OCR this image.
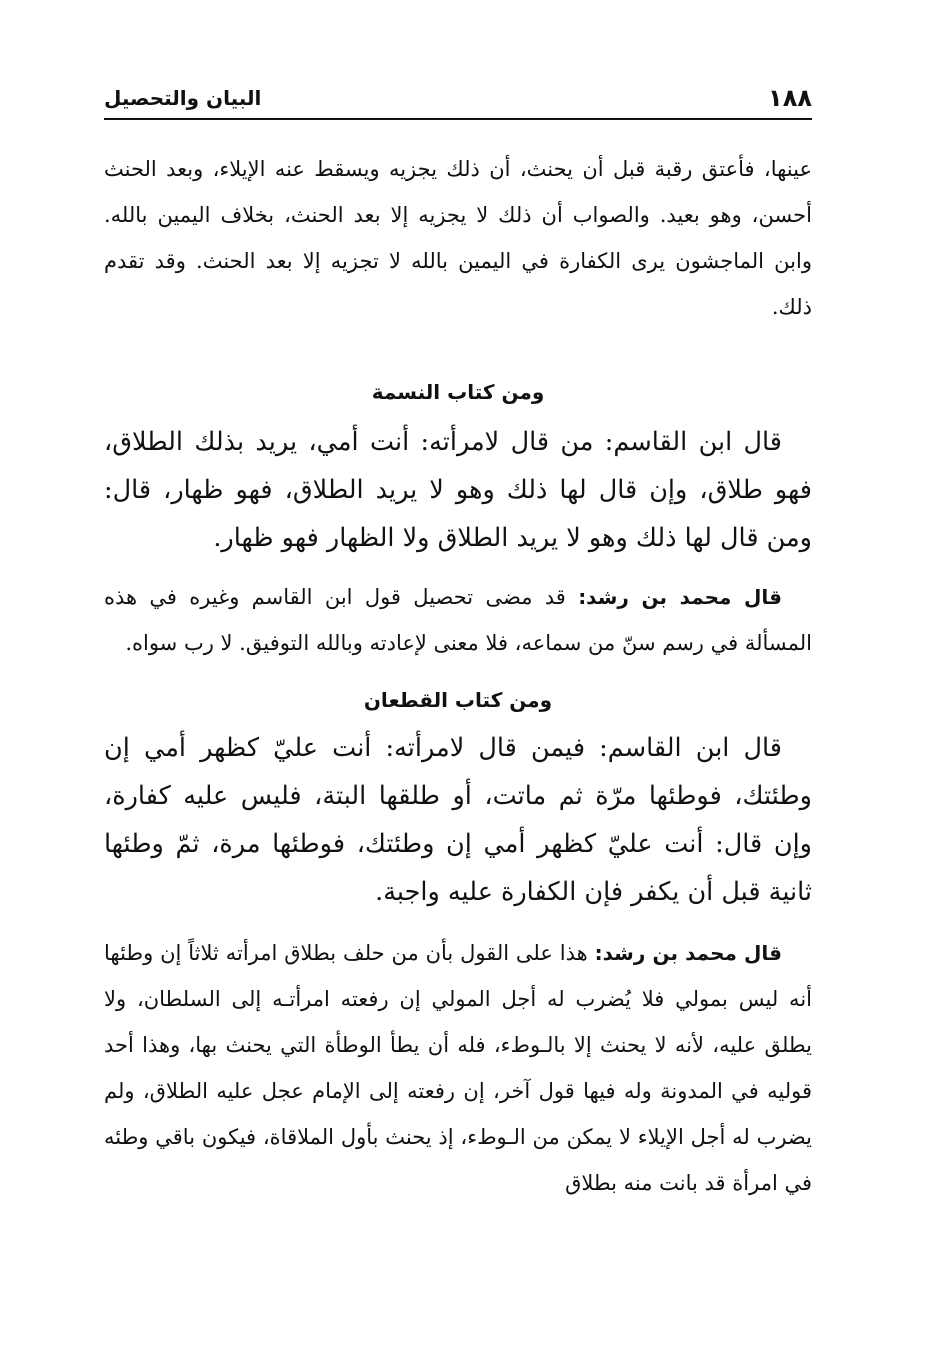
١٨٨
البيان والتحصيل

عينها، فأعتق رقبة قبل أن يحنث، أن ذلك يجزيه ويسقط عنه الإيلاء، وبعد الحنث أحسن، وهو بعيد. والصواب أن ذلك لا يجزيه إلا بعد الحنث، بخلاف اليمين بالله. وابن الماجشون يرى الكفارة في اليمين بالله لا تجزيه إلا بعد الحنث. وقد تقدم ذلك.

ومن كتاب النسمة

قال ابن القاسم: من قال لامرأته: أنت أمي، يريد بذلك الطلاق، فهو طلاق، وإن قال لها ذلك وهو لا يريد الطلاق، فهو ظهار، قال: ومن قال لها ذلك وهو لا يريد الطلاق ولا الظهار فهو ظهار.

قال محمد بن رشد: قد مضى تحصيل قول ابن القاسم وغيره في هذه المسألة في رسم سنّ من سماعه، فلا معنى لإعادته وبالله التوفيق. لا رب سواه.

ومن كتاب القطعان

قال ابن القاسم: فيمن قال لامرأته: أنت عليّ كظهر أمي إن وطئتك، فوطئها مرّة ثم ماتت، أو طلقها البتة، فليس عليه كفارة، وإن قال: أنت عليّ كظهر أمي إن وطئتك، فوطئها مرة، ثمّ وطئها ثانية قبل أن يكفر فإن الكفارة عليه واجبة.

قال محمد بن رشد: هذا على القول بأن من حلف بطلاق امرأته ثلاثاً إن وطئها أنه ليس بمولي فلا يُضرب له أجل المولي إن رفعته امرأتـه إلى السلطان، ولا يطلق عليه، لأنه لا يحنث إلا بالـوطء، فله أن يطأ الوطأة التي يحنث بها، وهذا أحد قوليه في المدونة وله فيها قول آخر، إن رفعته إلى الإمام عجل عليه الطلاق، ولم يضرب له أجل الإيلاء لا يمكن من الـوطء، إذ يحنث بأول الملاقاة، فيكون باقي وطئه في امرأة قد بانت منه بطلاق
